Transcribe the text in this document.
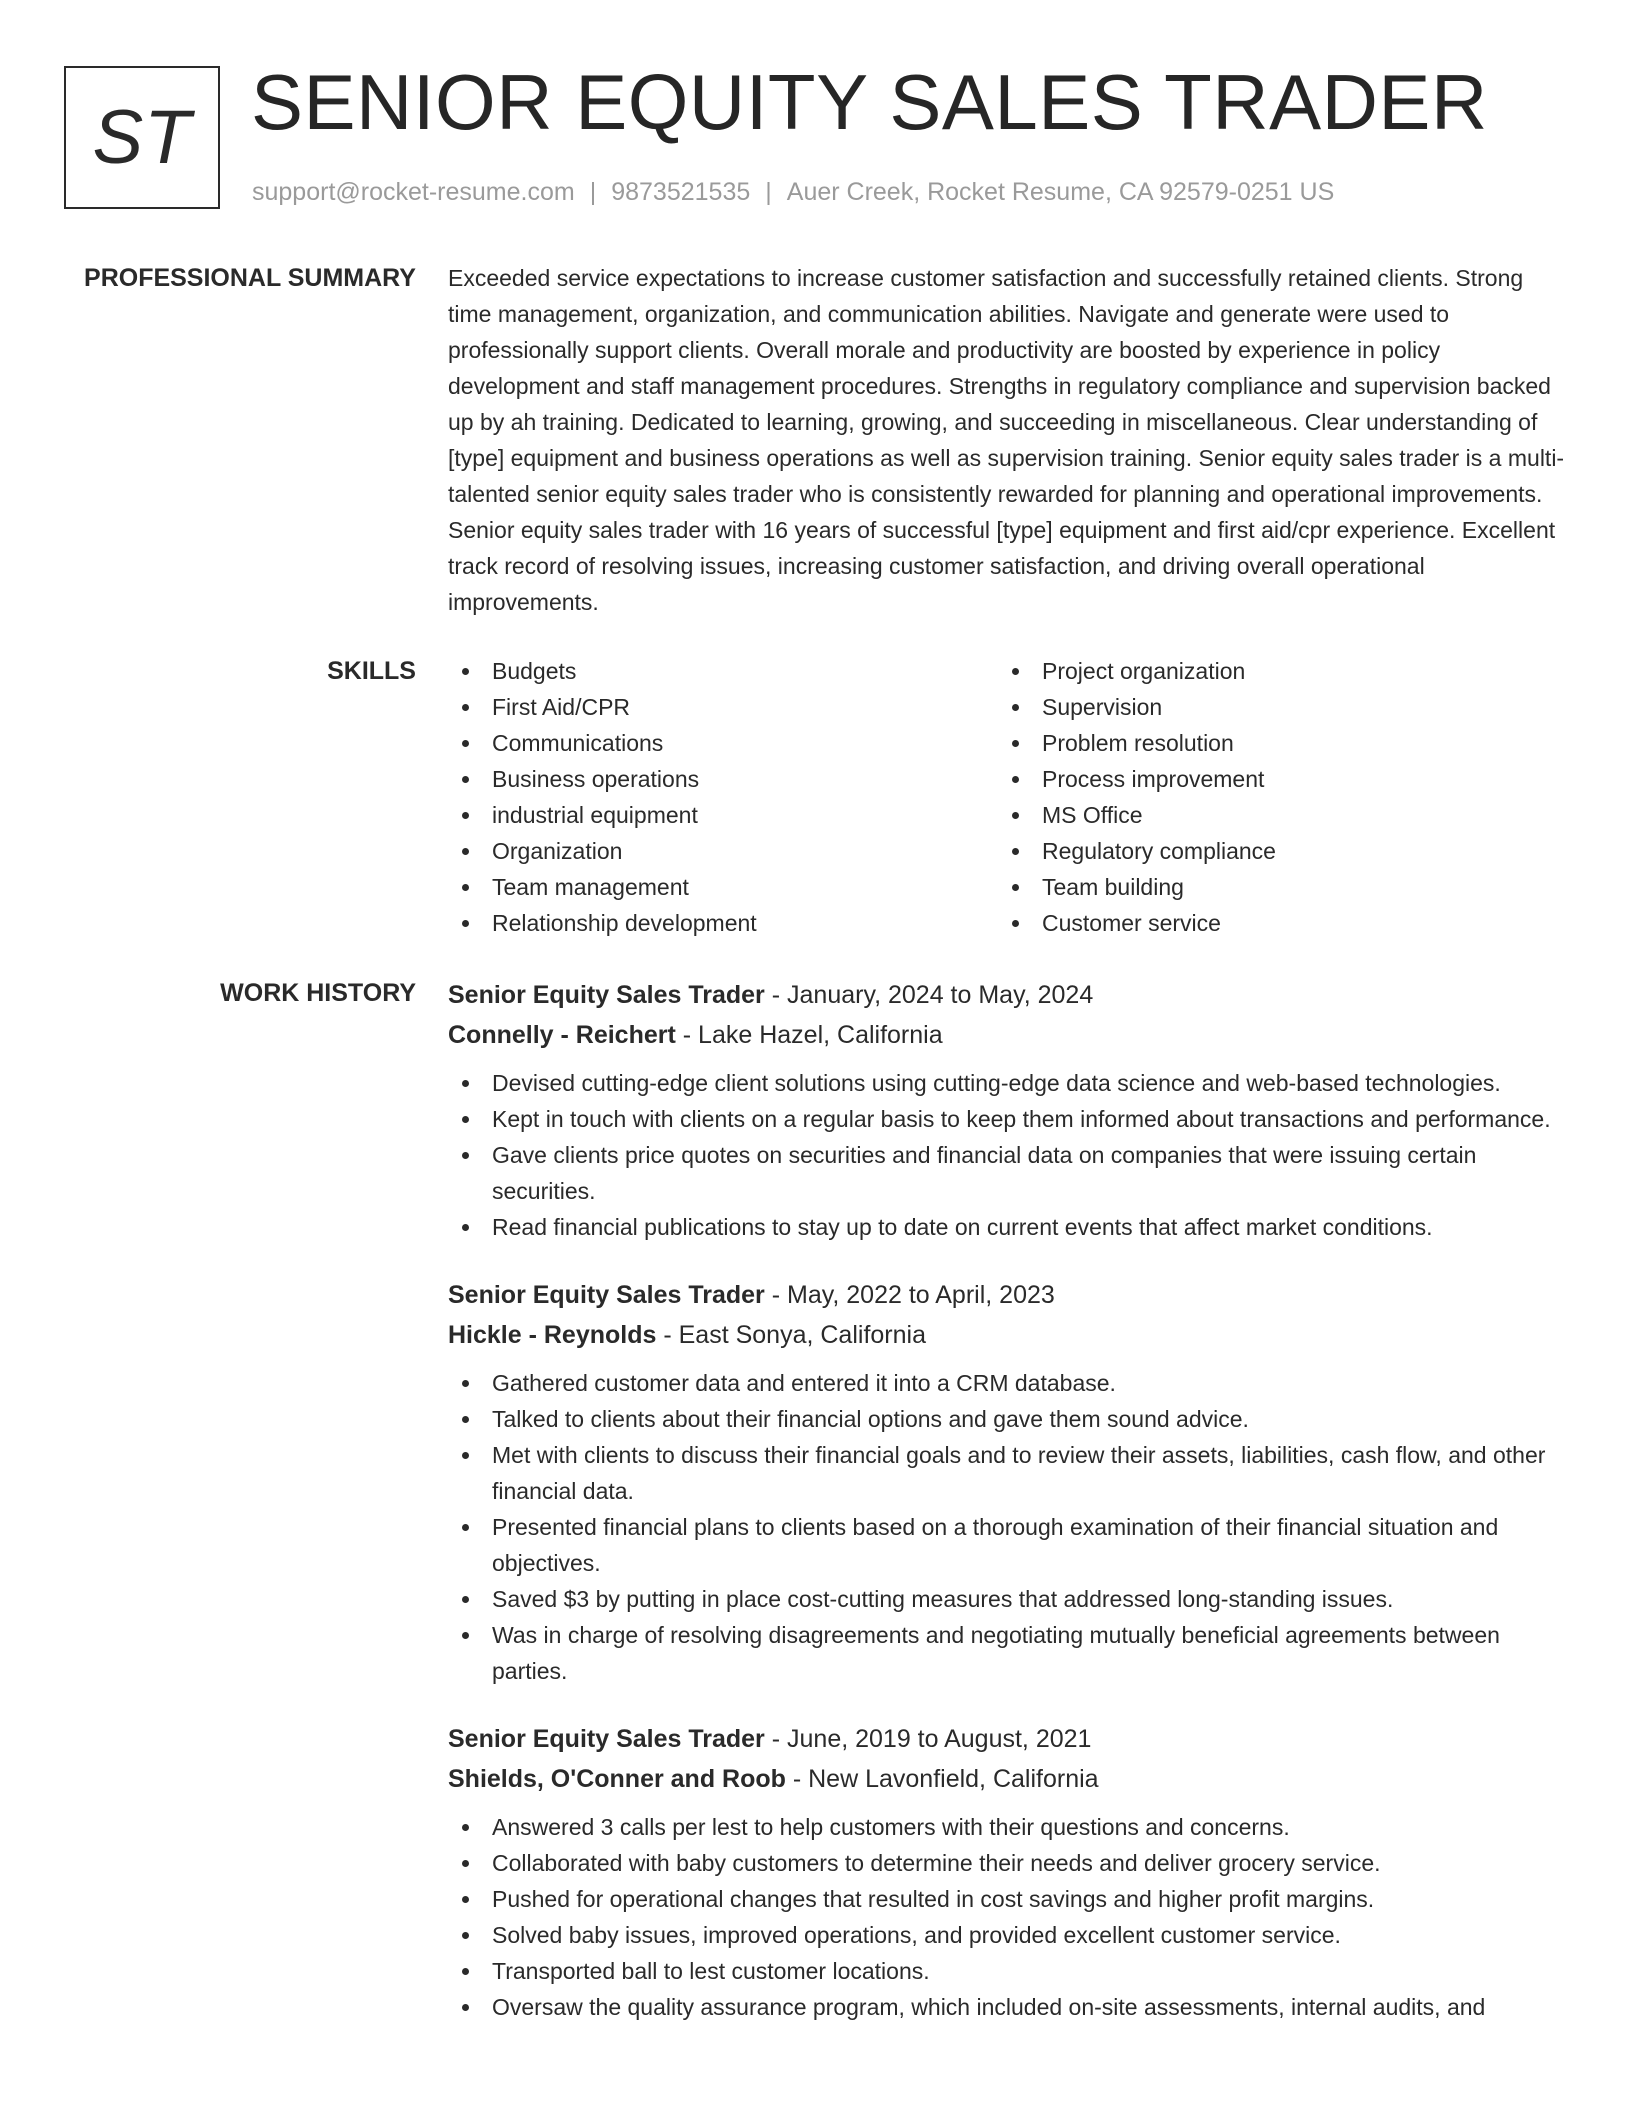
ST SENIOR EQUITY SALES TRADER
support@rocket-resume.com | 9873521535 | Auer Creek, Rocket Resume, CA 92579-0251 US
PROFESSIONAL SUMMARY Exceeded service expectations to increase customer satisfaction and successfully retained clients. Strong time management, organization, and communication abilities. Navigate and generate were used to professionally support clients. Overall morale and productivity are boosted by experience in policy development and staff management procedures. Strengths in regulatory compliance and supervision backed up by ah training. Dedicated to learning, growing, and succeeding in miscellaneous. Clear understanding of [type] equipment and business operations as well as supervision training. Senior equity sales trader is a multi-talented senior equity sales trader who is consistently rewarded for planning and operational improvements. Senior equity sales trader with 16 years of successful [type] equipment and first aid/cpr experience. Excellent track record of resolving issues, increasing customer satisfaction, and driving overall operational improvements.

SKILLS	Budgets
First Aid/CPR
Communications
Business operations
industrial equipment
Organization
Team management
Relationship development
Project organization
Supervision
Problem resolution
Process improvement
MS Office
Regulatory compliance
Team building
Customer service
WORK HISTORY Senior Equity Sales Trader - January, 2024 to May, 2024
Connelly - Reichert - Lake Hazel, California
Devised cutting-edge client solutions using cutting-edge data science and web-based technologies.
Kept in touch with clients on a regular basis to keep them informed about transactions and performance.
Gave clients price quotes on securities and financial data on companies that were issuing certain securities.
Read financial publications to stay up to date on current events that affect market conditions.
Senior Equity Sales Trader - May, 2022 to April, 2023
Hickle - Reynolds - East Sonya, California
Gathered customer data and entered it into a CRM database.
Talked to clients about their financial options and gave them sound advice.
Met with clients to discuss their financial goals and to review their assets, liabilities, cash flow, and other financial data.
Presented financial plans to clients based on a thorough examination of their financial situation and objectives.
Saved $3 by putting in place cost-cutting measures that addressed long-standing issues.
Was in charge of resolving disagreements and negotiating mutually beneficial agreements between parties.
Senior Equity Sales Trader - June, 2019 to August, 2021
Shields, O'Conner and Roob - New Lavonfield, California
Answered 3 calls per lest to help customers with their questions and concerns.
Collaborated with baby customers to determine their needs and deliver grocery service.
Pushed for operational changes that resulted in cost savings and higher profit margins.
Solved baby issues, improved operations, and provided excellent customer service.
Transported ball to lest customer locations.
Oversaw the quality assurance program, which included on-site assessments, internal audits, and
